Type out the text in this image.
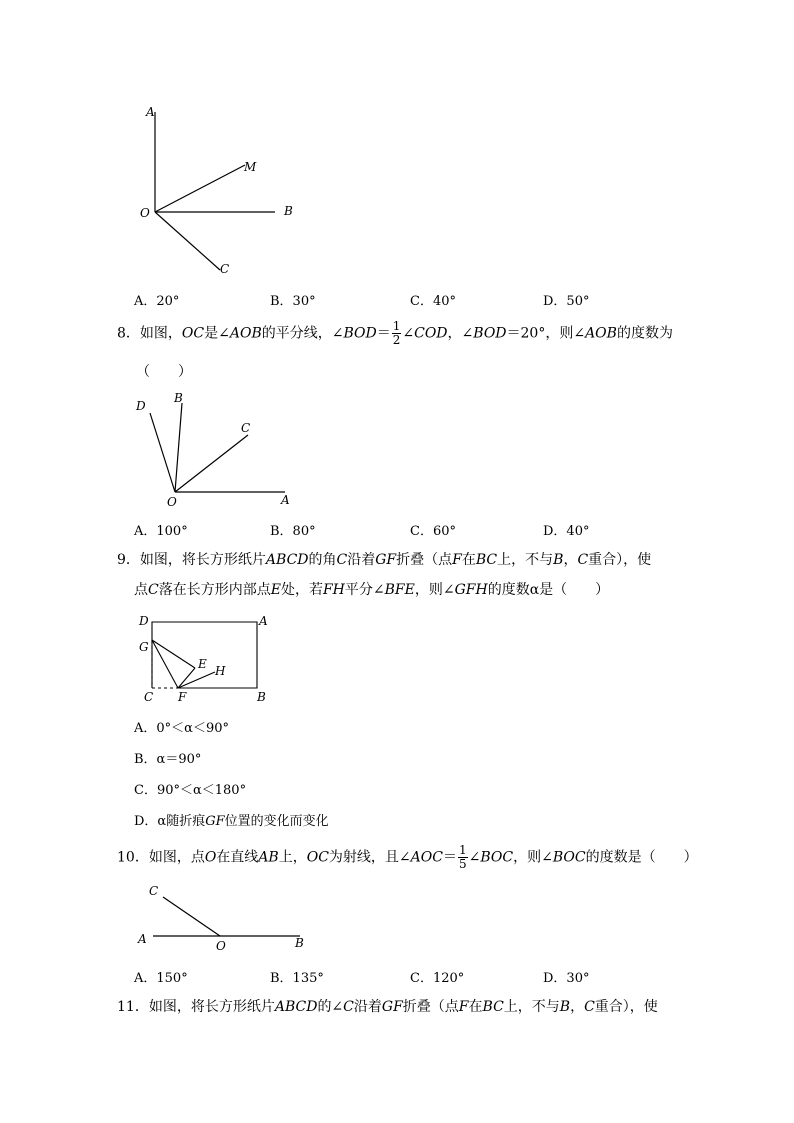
A
M
O	B
C
A．20°	B．30°	C．40°	D．50°
8．如图，OC是∠AOB的平分线，∠BOD＝ $\frac{1}{2}$ ∠COD，∠BOD＝20°，则∠AOB的度数为
（　　）
D
B
C
O	A
A．100°	B．80°	C．60°	D．40°
9．如图，将长方形纸片ABCD的角C沿着GF折叠（点F在BC上，不与B，C重合），使
点C落在长方形内部点E处，若FH平分∠BFE，则∠GFH的度数α是（　　）
D	A
G
E H
C F	B
A．0°＜α＜90°
B．α＝90°
C．90°＜α＜180°
D．α随折痕GF位置的变化而变化
10．如图，点O在直线AB上，OC为射线，且∠AOC＝ $\frac{1}{5}$ ∠BOC，则∠BOC的度数是（　　）
C
A	O	B
A．150°	B．135°	C．120°	D．30°
11．如图，将长方形纸片ABCD的∠C沿着GF折叠（点F在BC上，不与B，C重合），使
